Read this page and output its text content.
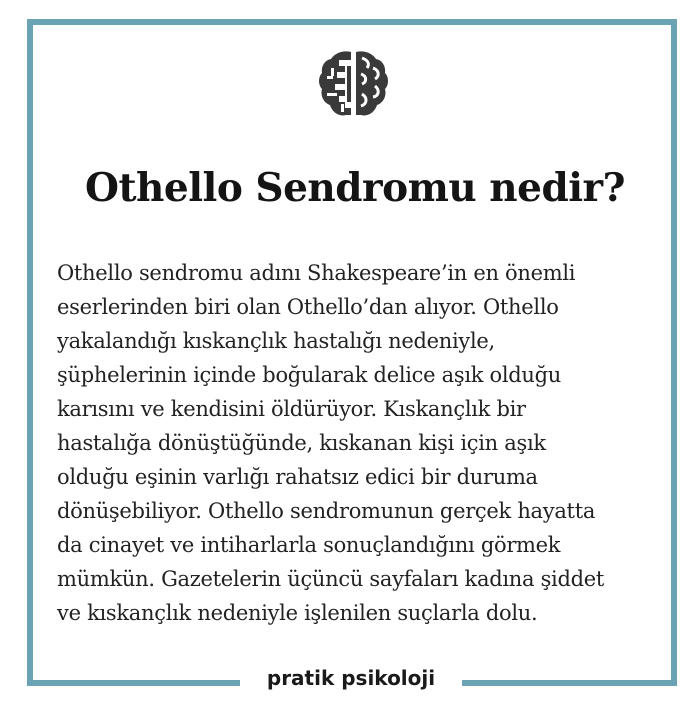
Othello Sendromu nedir?
Othello sendromu adını Shakespeare’in en önemli
eserlerinden biri olan Othello’dan alıyor. Othello
yakalandığı kıskançlık hastalığı nedeniyle,
şüphelerinin içinde boğularak delice aşık olduğu
karısını ve kendisini öldürüyor. Kıskançlık bir
hastalığa dönüştüğünde, kıskanan kişi için aşık
olduğu eşinin varlığı rahatsız edici bir duruma
dönüşebiliyor. Othello sendromunun gerçek hayatta
da cinayet ve intiharlarla sonuçlandığını görmek
mümkün. Gazetelerin üçüncü sayfaları kadına şiddet
ve kıskançlık nedeniyle işlenilen suçlarla dolu.
pratik psikoloji
